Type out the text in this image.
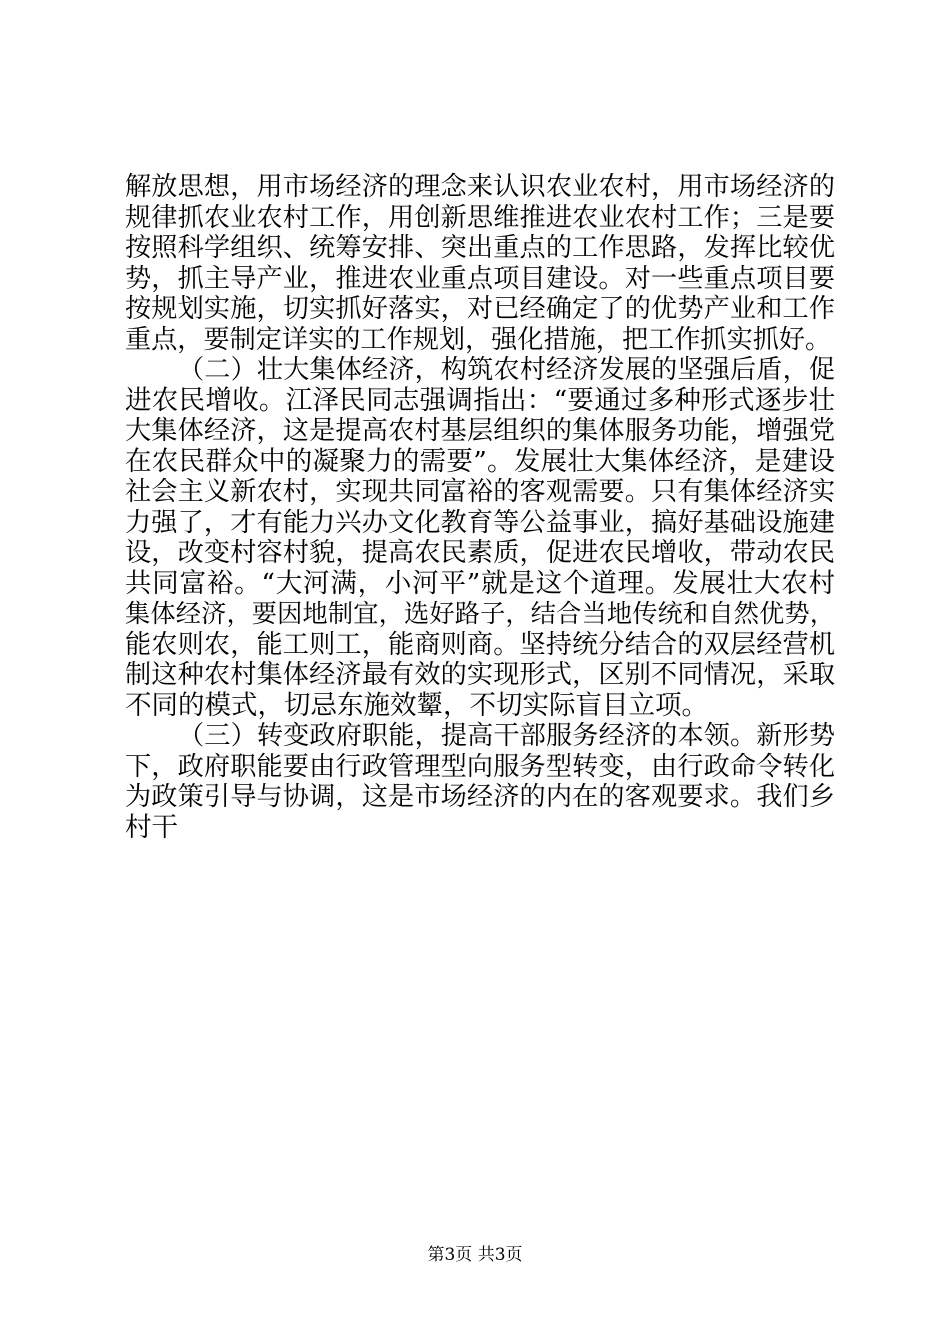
解放思想，用市场经济的理念来认识农业农村，用市场经济的
规律抓农业农村工作，用创新思维推进农业农村工作；三是要
按照科学组织、统筹安排、突出重点的工作思路，发挥比较优
势，抓主导产业，推进农业重点项目建设。对一些重点项目要
按规划实施，切实抓好落实，对已经确定了的优势产业和工作
重点，要制定详实的工作规划，强化措施，把工作抓实抓好。
（二）壮大集体经济，构筑农村经济发展的坚强后盾，促
进农民增收。江泽民同志强调指出：“要通过多种形式逐步壮
大集体经济，这是提高农村基层组织的集体服务功能，增强党
在农民群众中的凝聚力的需要”。发展壮大集体经济，是建设
社会主义新农村，实现共同富裕的客观需要。只有集体经济实
力强了，才有能力兴办文化教育等公益事业，搞好基础设施建
设，改变村容村貌，提高农民素质，促进农民增收，带动农民
共同富裕。“大河满，小河平”就是这个道理。发展壮大农村
集体经济，要因地制宜，选好路子，结合当地传统和自然优势，
能农则农，能工则工，能商则商。坚持统分结合的双层经营机
制这种农村集体经济最有效的实现形式，区别不同情况，采取
不同的模式，切忌东施效颦，不切实际盲目立项。
（三）转变政府职能，提高干部服务经济的本领。新形势
下，政府职能要由行政管理型向服务型转变，由行政命令转化
为政策引导与协调，这是市场经济的内在的客观要求。我们乡
村干
第3页 共3页
